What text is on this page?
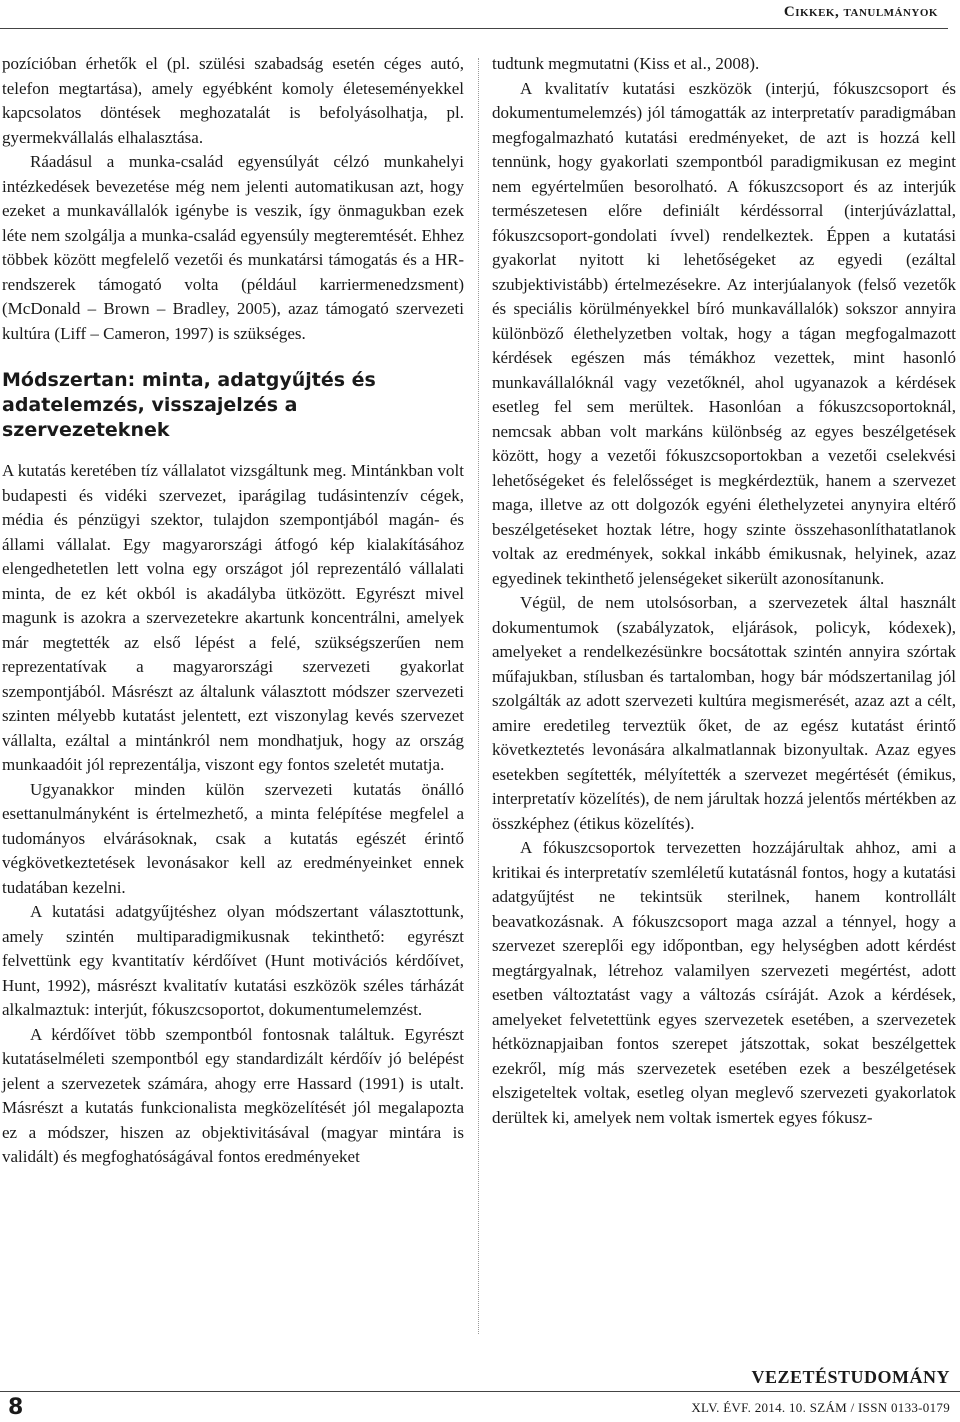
Cikkek, tanulmányok

pozícióban érhetők el (pl. szülési szabadság esetén céges autó, telefon megtartása), amely egyébként komoly életeseményekkel kapcsolatos döntések meghozatalát is befolyásolhatja, pl. gyermekvállalás elhalasztása.

Ráadásul a munka-család egyensúlyát célzó munkahelyi intézkedések bevezetése még nem jelenti automatikusan azt, hogy ezeket a munkavállalók igénybe is veszik, így önmagukban ezek léte nem szolgálja a munka-család egyensúly megteremtését. Ehhez többek között megfelelő vezetői és munkatársi támogatás és a HR-rendszerek támogató volta (például karriermenedzsment) (McDonald – Brown – Bradley, 2005), azaz támogató szervezeti kultúra (Liff – Cameron, 1997) is szükséges.

Módszertan: minta, adatgyűjtés és adatelemzés, visszajelzés a szervezeteknek

A kutatás keretében tíz vállalatot vizsgáltunk meg. Mintánkban volt budapesti és vidéki szervezet, iparágilag tudásintenzív cégek, média és pénzügyi szektor, tulajdon szempontjából magán- és állami vállalat. Egy magyarországi átfogó kép kialakításához elengedhetetlen lett volna egy országot jól reprezentáló vállalati minta, de ez két okból is akadályba ütközött. Egyrészt mivel magunk is azokra a szervezetekre akartunk koncentrálni, amelyek már megtették az első lépést a felé, szükségszerűen nem reprezentatívak a magyarországi szervezeti gyakorlat szempontjából. Másrészt az általunk választott módszer szervezeti szinten mélyebb kutatást jelentett, ezt viszonylag kevés szervezet vállalta, ezáltal a mintánkról nem mondhatjuk, hogy az ország munkaadóit jól reprezentálja, viszont egy fontos szeletét mutatja.

Ugyanakkor minden külön szervezeti kutatás önálló esettanulmányként is értelmezhető, a minta felépítése megfelel a tudományos elvárásoknak, csak a kutatás egészét érintő végkövetkeztetések levonásakor kell az eredményeinket ennek tudatában kezelni.

A kutatási adatgyűjtéshez olyan módszertant választottunk, amely szintén multiparadigmikusnak tekinthető: egyrészt felvettünk egy kvantitatív kérdőívet (Hunt motivációs kérdőívet, Hunt, 1992), másrészt kvalitatív kutatási eszközök széles tárházát alkalmaztuk: interjút, fókuszcsoportot, dokumentumelemzést.

A kérdőívet több szempontból fontosnak találtuk. Egyrészt kutatáselméleti szempontból egy standardizált kérdőív jó belépést jelent a szervezetek számára, ahogy erre Hassard (1991) is utalt. Másrészt a kutatás funkcionalista megközelítését jól megalapozta ez a módszer, hiszen az objektivitásával (magyar mintára is validált) és megfoghatóságával fontos eredményeket

tudtunk megmutatni (Kiss et al., 2008).

A kvalitatív kutatási eszközök (interjú, fókuszcsoport és dokumentumelemzés) jól támogatták az interpretatív paradigmában megfogalmazható kutatási eredményeket, de azt is hozzá kell tennünk, hogy gyakorlati szempontból paradigmikusan ez megint nem egyértelműen besorolható. A fókuszcsoport és az interjúk természetesen előre definiált kérdéssorral (interjúvázlattal, fókuszcsoport-gondolati ívvel) rendelkeztek. Éppen a kutatási gyakorlat nyitott ki lehetőségeket az egyedi (ezáltal szubjektivistább) értelmezésekre. Az interjúalanyok (felső vezetők és speciális körülményekkel bíró munkavállalók) sokszor annyira különböző élethelyzetben voltak, hogy a tágan megfogalmazott kérdések egészen más témákhoz vezettek, mint hasonló munkavállalóknál vagy vezetőknél, ahol ugyanazok a kérdések esetleg fel sem merültek. Hasonlóan a fókuszcsoportoknál, nemcsak abban volt markáns különbség az egyes beszélgetések között, hogy a vezetői fókuszcsoportokban a vezetői cselekvési lehetőségeket és felelősséget is megkérdeztük, hanem a szervezet maga, illetve az ott dolgozók egyéni élethelyzetei anynyira eltérő beszélgetéseket hoztak létre, hogy szinte összehasonlíthatatlanok voltak az eredmények, sokkal inkább émikusnak, helyinek, azaz egyedinek tekinthető jelenségeket sikerült azonosítanunk.

Végül, de nem utolsósorban, a szervezetek által használt dokumentumok (szabályzatok, eljárások, policyk, kódexek), amelyeket a rendelkezésünkre bocsátottak szintén annyira szórtak műfajukban, stílusban és tartalomban, hogy bár módszertanilag jól szolgálták az adott szervezeti kultúra megismerését, azaz azt a célt, amire eredetileg terveztük őket, de az egész kutatást érintő következtetés levonására alkalmatlannak bizonyultak. Azaz egyes esetekben segítették, mélyítették a szervezet megértését (émikus, interpretatív közelítés), de nem járultak hozzá jelentős mértékben az összképhez (étikus közelítés).

A fókuszcsoportok tervezetten hozzájárultak ahhoz, ami a kritikai és interpretatív szemléletű kutatásnál fontos, hogy a kutatási adatgyűjtést ne tekintsük sterilnek, hanem kontrollált beavatkozásnak. A fókuszcsoport maga azzal a ténnyel, hogy a szervezet szereplői egy időpontban, egy helységben adott kérdést megtárgyalnak, létrehoz valamilyen szervezeti megértést, adott esetben változtatást vagy a változás csíráját. Azok a kérdések, amelyeket felvetettünk egyes szervezetek esetében, a szervezetek hétköznapjaiban fontos szerepet játszottak, sokat beszélgettek ezekről, míg más szervezetek esetében ezek a beszélgetések elszigeteltek voltak, esetleg olyan meglevő szervezeti gyakorlatok derültek ki, amelyek nem voltak ismertek egyes fókusz-

VEZETÉSTUDOMÁNY
8	XLV. ÉVF. 2014. 10. SZÁM / ISSN 0133-0179
